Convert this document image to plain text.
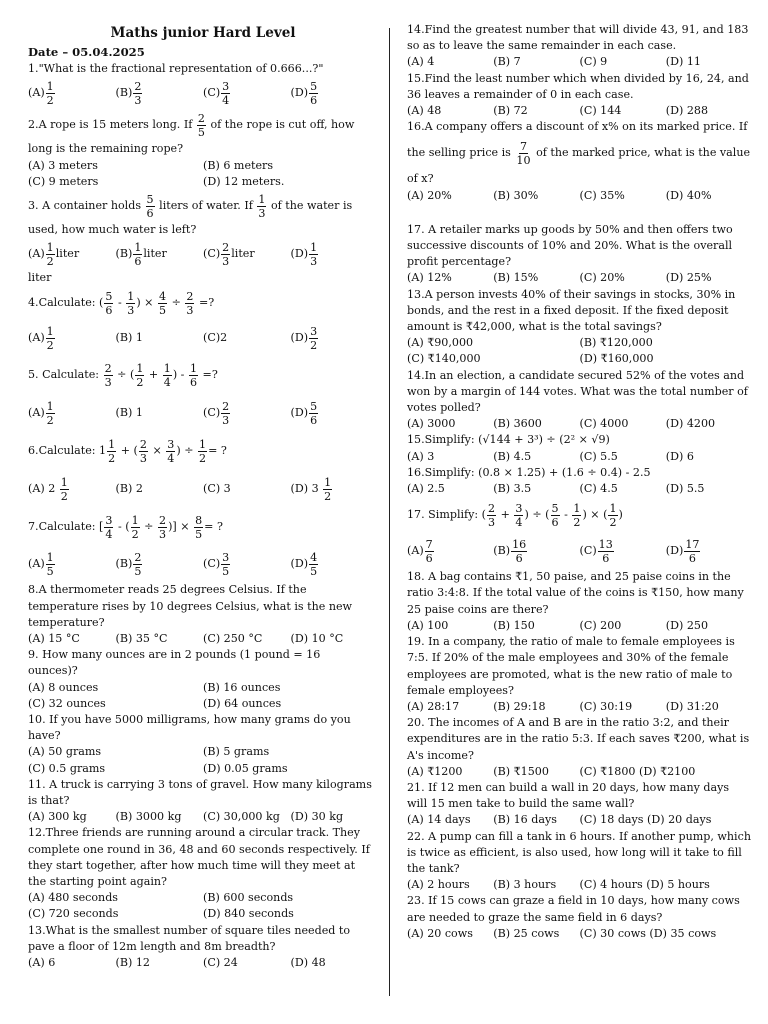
Maths junior Hard Level
Date – 05.04.2025
1."What is the fractional representation of 0.666...?"
$(A) \frac{1}{2}$	$(B) \frac{2}{3}$	$(C) \frac{3}{4}$	$(D) \frac{5}{6}$
2.A rope is 15 meters long. If
$\frac{2}{5}$
of the rope is cut off, how
long is the remaining rope?
(A) 3 meters	(B) 6 meters
(C) 9 meters	(D) 12 meters.
3. A container holds
$\frac{5}{6}$
liters of water. If
$\frac{1}{3}$
of the water is
used, how much water is left?
$(A) \frac{1}{2}$ liter	$(B) \frac{1}{6}$ liter	$(C) \frac{2}{3}$ liter	$(D) \frac{1}{3}$
liter
4.Calculate: ( $\frac{5}{6}$
-
$\frac{1}{3}$ ) ×
$\frac{4}{5}$
÷
$\frac{2}{3}$
=?
$(A) \frac{1}{2}$	(B) 1	(C)2	$(D) \frac{3}{2}$
5. Calculate:
$\frac{2}{3}$
÷ ( $\frac{1}{2}$
+
$\frac{1}{4}$ ) -
$\frac{1}{6}$
=?
$(A) \frac{1}{2}$	(B) 1	$(C) \frac{2}{3}$	$(D) \frac{5}{6}$
6.Calculate: $1 \frac{1}{2}$
+ ( $\frac{2}{3}$
×
$\frac{3}{4}$ ) ÷
$\frac{1}{2}$ = ?
(A) 2
$\frac{1}{2}$	(B) 2	(C) 3	(D) 3
$\frac{1}{2}$
7.Calculate: [ $\frac{3}{4}$
- ( $\frac{1}{2}$
÷
$\frac{2}{3}$ )] ×
$\frac{8}{5}$ = ?
$(A) \frac{1}{5}$	$(B) \frac{2}{5}$	$(C) \frac{3}{5}$	$(D) \frac{4}{5}$
8.A thermometer reads 25 degrees Celsius. If the
temperature rises by 10 degrees Celsius, what is the new
temperature?
(A) 15 °C	(B) 35 °C	(C) 250 °C	(D) 10 °C
9. How many ounces are in 2 pounds (1 pound = 16
ounces)?
(A) 8 ounces	(B) 16 ounces
(C) 32 ounces	(D) 64 ounces
10. If you have 5000 milligrams, how many grams do you
have?
(A) 50 grams	(B) 5 grams
(C) 0.5 grams	(D) 0.05 grams
11. A truck is carrying 3 tons of gravel. How many kilograms
is that?
(A) 300 kg	(B) 3000 kg	(C) 30,000 kg (D) 30 kg
12.Three friends are running around a circular track. They
complete one round in 36, 48 and 60 seconds respectively. If
they start together, after how much time will they meet at
the starting point again?
(A) 480 seconds	(B) 600 seconds
(C) 720 seconds	(D) 840 seconds
13.What is the smallest number of square tiles needed to
pave a floor of 12m length and 8m breadth?
(A) 6	(B) 12	(C) 24	(D) 48
14.Find the greatest number that will divide 43, 91, and 183
so as to leave the same remainder in each case.
(A) 4	(B) 7	(C) 9	(D) 11
15.Find the least number which when divided by 16, 24, and
36 leaves a remainder of 0 in each case.
(A) 48	(B) 72	(C) 144	(D) 288
16.A company offers a discount of x% on its marked price. If
the selling price is
$\frac{7}{10}$
of the marked price, what is the value
of x?
(A) 20%	(B) 30%	(C) 35%	(D) 40%
17. A retailer marks up goods by 50% and then offers two
successive discounts of 10% and 20%. What is the overall
profit percentage?
(A) 12%	(B) 15%	(C) 20%	(D) 25%
13.A person invests 40% of their savings in stocks, 30% in
bonds, and the rest in a fixed deposit. If the fixed deposit
amount is ₹42,000, what is the total savings?
(A) ₹90,000	(B) ₹120,000
(C) ₹140,000	(D) ₹160,000
14.In an election, a candidate secured 52% of the votes and
won by a margin of 144 votes. What was the total number of
votes polled?
(A) 3000	(B) 3600	(C) 4000	(D) 4200
15.Simplify: (√144 + 3³) ÷ (2² × √9)
(A) 3	(B) 4.5	(C) 5.5	(D) 6
16.Simplify: (0.8 × 1.25) + (1.6 ÷ 0.4) - 2.5
(A) 2.5	(B) 3.5	(C) 4.5	(D) 5.5
17. Simplify: ( $\frac{2}{3}$
+
$\frac{3}{4}$ ) ÷ ( $\frac{5}{6}$
-
$\frac{1}{2}$ ) × ( $\frac{1}{2}$ )
$(A) \frac{7}{6}$	$(B) \frac{16}{6}$	$(C) \frac{13}{6}$	$(D) \frac{17}{6}$
18. A bag contains ₹1, 50 paise, and 25 paise coins in the
ratio 3:4:8. If the total value of the coins is ₹150, how many
25 paise coins are there?
(A) 100	(B) 150	(C) 200	(D) 250
19. In a company, the ratio of male to female employees is
7:5. If 20% of the male employees and 30% of the female
employees are promoted, what is the new ratio of male to
female employees?
(A) 28:17	(B) 29:18	(C) 30:19	(D) 31:20
20. The incomes of A and B are in the ratio 3:2, and their
expenditures are in the ratio 5:3. If each saves ₹200, what is
A's income?
(A) ₹1200	(B) ₹1500	(C) ₹1800 (D) ₹2100
21. If 12 men can build a wall in 20 days, how many days
will 15 men take to build the same wall?
(A) 14 days	(B) 16 days	(C) 18 days (D) 20 days
22. A pump can fill a tank in 6 hours. If another pump, which
is twice as efficient, is also used, how long will it take to fill
the tank?
(A) 2 hours	(B) 3 hours	(C) 4 hours (D) 5 hours
23. If 15 cows can graze a field in 10 days, how many cows
are needed to graze the same field in 6 days?
(A) 20 cows	(B) 25 cows	(C) 30 cows (D) 35 cows
